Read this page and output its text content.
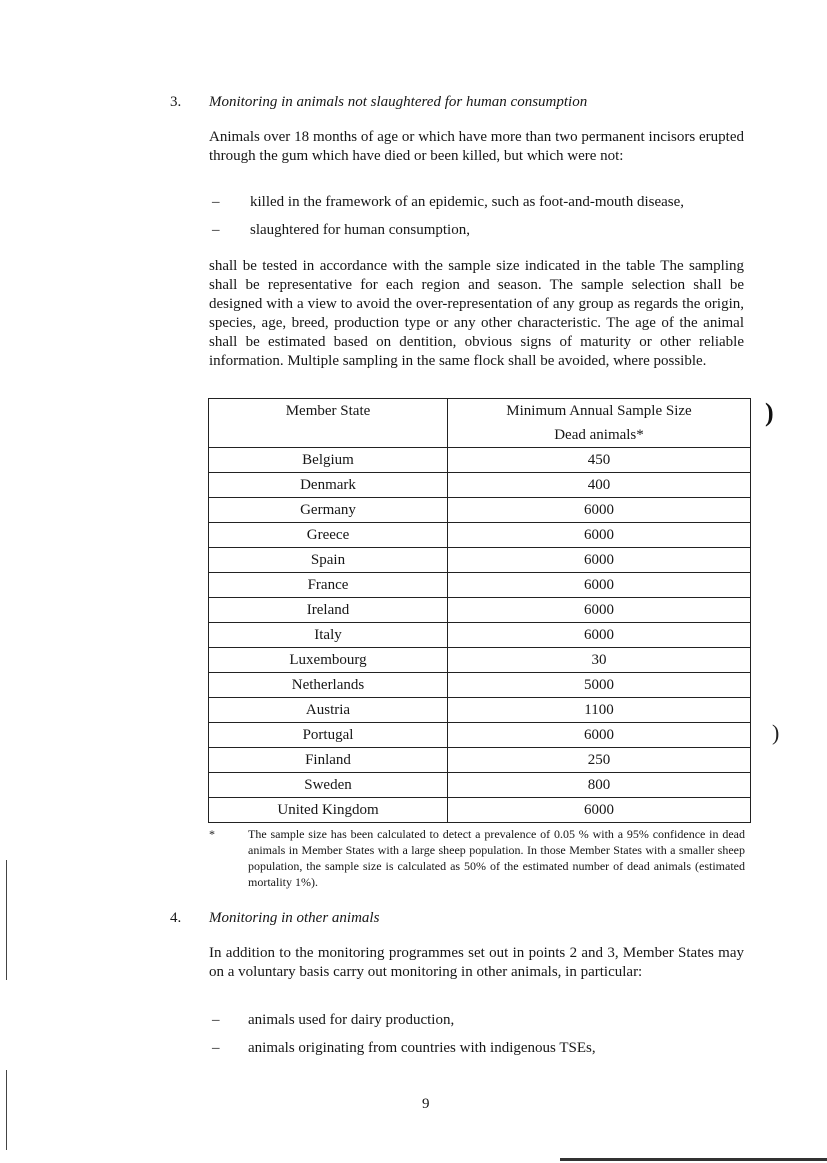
)
)
3. Monitoring in animals not slaughtered for human consumption
Animals over 18 months of age or which have more than two permanent incisors erupted through the gum which have died or been killed, but which were not:
– killed in the framework of an epidemic, such as foot-and-mouth disease,
– slaughtered for human consumption,
shall be tested in accordance with the sample size indicated in the table The sampling shall be representative for each region and season. The sample selection shall be designed with a view to avoid the over-representation of any group as regards the origin, species, age, breed, production type or any other characteristic. The age of the animal shall be estimated based on dentition, obvious signs of maturity or other reliable information. Multiple sampling in the same flock shall be avoided, where possible.
Member State	Minimum Annual Sample Size
Dead animals*

Belgium	450
Denmark	400
Germany	6000
Greece	6000
Spain	6000
France	6000
Ireland	6000
Italy	6000
Luxembourg	30
Netherlands	5000
Austria	1100
Portugal	6000
Finland	250
Sweden	800
United Kingdom	6000
*	The sample size has been calculated to detect a prevalence of 0.05 % with a 95% confidence in dead animals in Member States with a large sheep population. In those Member States with a smaller sheep population, the sample size is calculated as 50% of the estimated number of dead animals (estimated mortality 1%).
4. Monitoring in other animals
In addition to the monitoring programmes set out in points 2 and 3, Member States may on a voluntary basis carry out monitoring in other animals, in particular:
– animals used for dairy production,
– animals originating from countries with indigenous TSEs,
9
